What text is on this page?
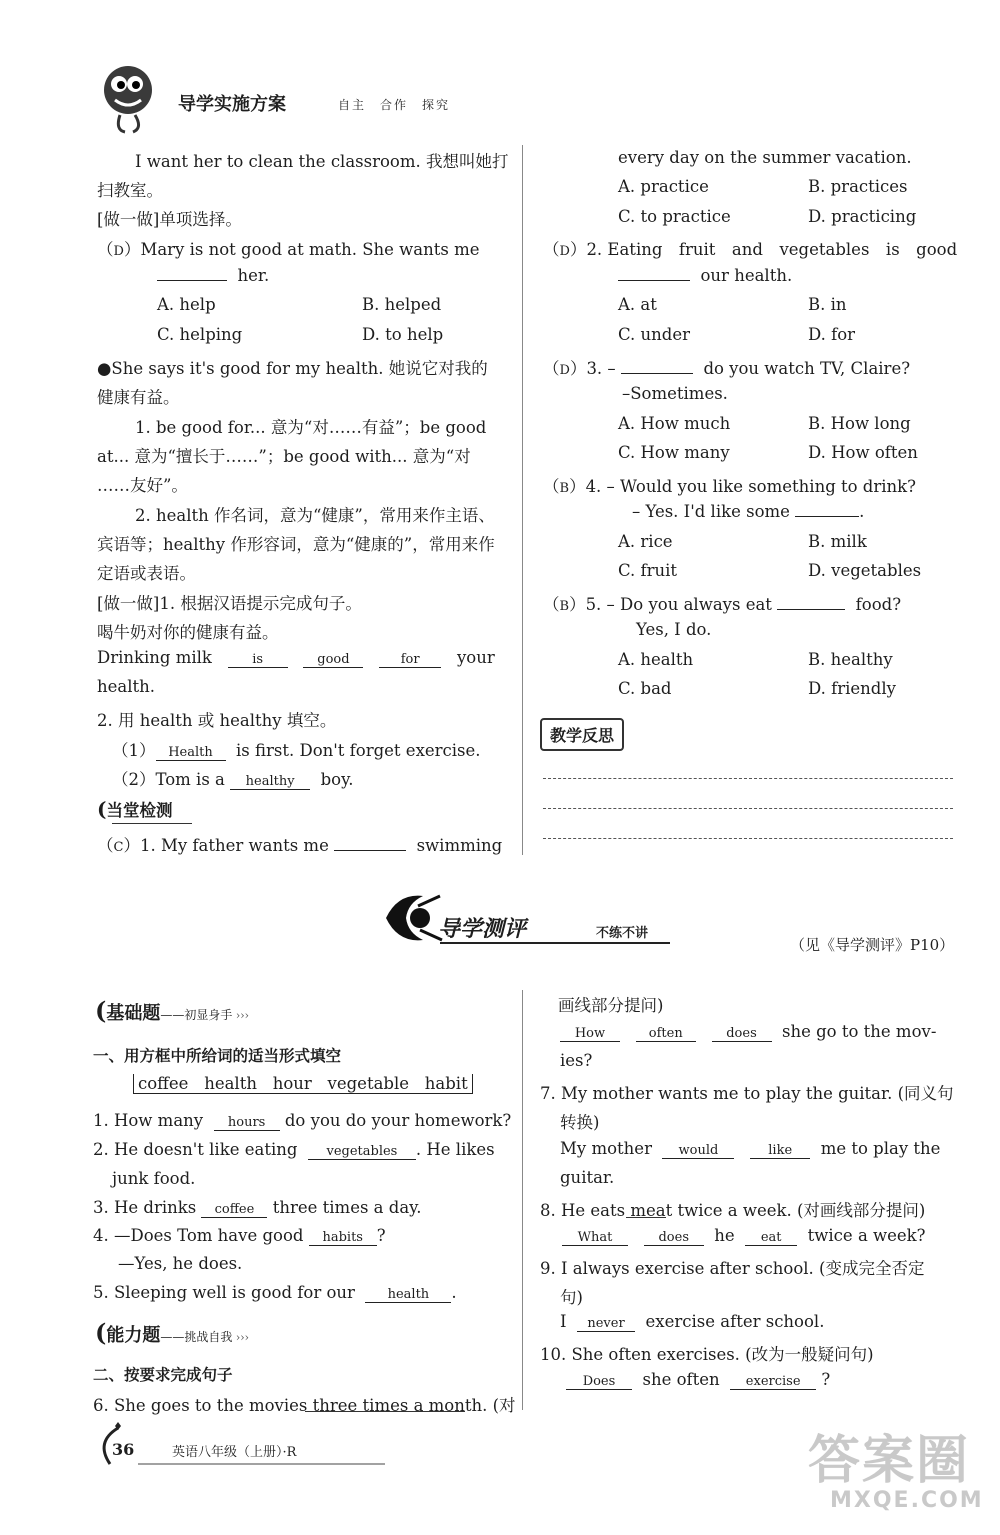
导学实施方案	自主　合作　探究
I want her to clean the classroom. 我想叫她打
扫教室。
[做一做]单项选择。
（D）Mary is not good at math. She wants me
her.
A. help	B. helped
C. helping	D. to help
●She says it's good for my health. 她说它对我的
健康有益。
1. be good for... 意为“对……有益”；be good
at... 意为“擅长于……”；be good with... 意为“对
……友好”。
2. health 作名词，意为“健康”，常用来作主语、
宾语等；healthy 作形容词，意为“健康的”，常用来作
定语或表语。
[做一做]1. 根据汉语提示完成句子。
喝牛奶对你的健康有益。
Drinking milk	is	good	for your
health.
2. 用 health 或 healthy 填空。
（1） Health is first. Don't forget exercise.
（2）Tom is a healthy boy.
(当堂检测
（C）1. My father wants me	swimming
every day on the summer vacation.
A. practice	B. practices
C. to practice	D. practicing
（D）2. Eating　fruit　and　vegetables　is　good
our health.
A. at	B. in
C. under	D. for
（D）3. –	do you watch TV, Claire?
–Sometimes.
A. How much	B. How long
C. How many	D. How often
（B）4. – Would you like something to drink?
– Yes. I'd like some	.
A. rice	B. milk
C. fruit	D. vegetables
（B）5. – Do you always eat	food?
Yes, I do.
A. health	B. healthy
C. bad	D. friendly
教学反思
导学测评	不练不讲
（见《导学测评》P10）
(基础题——初显身手 ›››
一、用方框中所给词的适当形式填空
coffee health hour vegetable habit
1. How many hours do you do your homework?
2. He doesn't like eating vegetables . He likes
junk food.
3. He drinks coffee three times a day.
4. —Does Tom have good habits ?
—Yes, he does.
5. Sleeping well is good for our	health .
(能力题——挑战自我 ›››
二、按要求完成句子
6. She goes to the movies three times a month. (对
画线部分提问)
How	often	does she go to the mov-
ies?
7. My mother wants me to play the guitar. (同义句
转换)
My mother would	like me to play the
guitar.
8. He eats meat twice a week. (对画线部分提问)
What	does he eat twice a week?
9. I always exercise after school. (变成完全否定
句)
I never exercise after school.
10. She often exercises. (改为一般疑问句)
Does she often exercise ?
36	英语八年级（上册）·R	答案圈
MXQE.COM
